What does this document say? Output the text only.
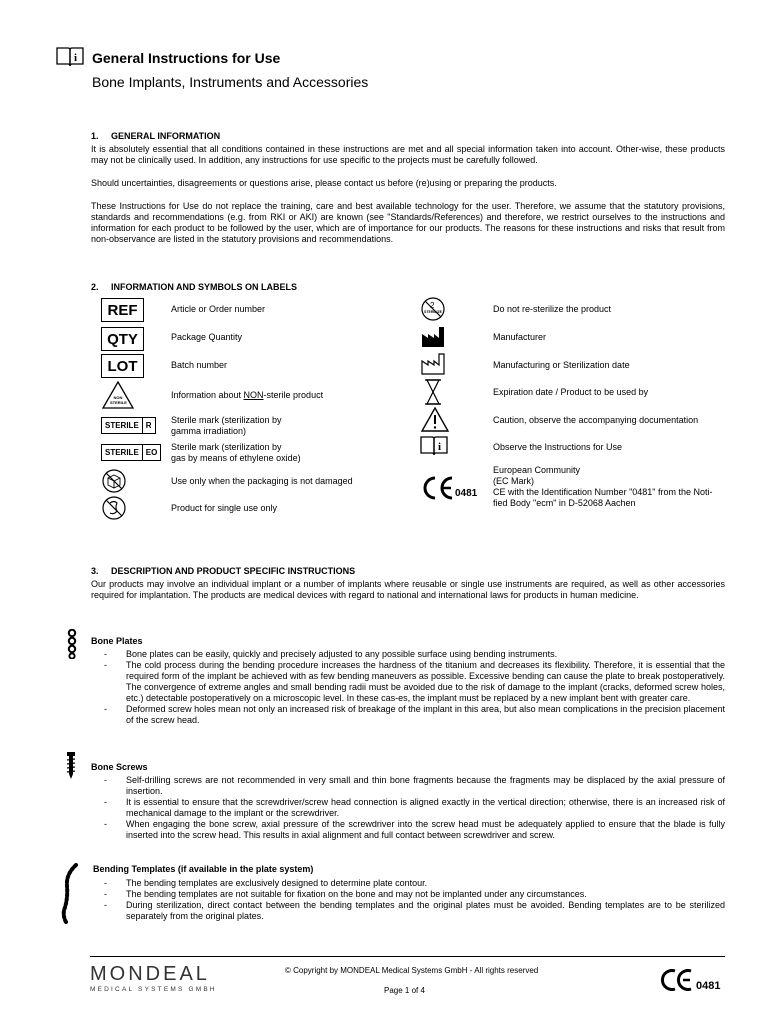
i General Instructions for Use
Bone Implants, Instruments and Accessories
1.     GENERAL INFORMATION
It is absolutely essential that all conditions contained in these instructions are met and all special information taken into account. Other-wise, these products may not be clinically used. In addition, any instructions for use specific to the projects must be carefully followed.
Should uncertainties, disagreements or questions arise, please contact us before (re)using or preparing the products.
These Instructions for Use do not replace the training, care and best available technology for the user. Therefore, we assume that the statutory provisions, standards and recommendations (e.g. from RKI or AKI) are known (see "Standards/References) and therefore, we restrict ourselves to the instructions and information for each product to be followed by the user, which are of importance for our products. The reasons for these instructions and risks that result from non-observance are listed in the statutory provisions and recommendations.
2.     INFORMATION AND SYMBOLS ON LABELS
REF	Article or Order number
QTY	Package Quantity
LOT	Batch number
NON STERILE
Information about NON-sterile product
STERILE R
Sterile mark (sterilization by
gamma irradiation)
STERILE EO
Sterile mark (sterilization by
gas by means of ethylene oxide)
Use only when the packaging is not damaged
Product for single use only
2
STERILIZE	Do not re-sterilize the product
Manufacturer
Manufacturing or Sterilization date
Expiration date / Product to be used by
Caution, observe the accompanying documentation
i	Observe the Instructions for Use
0481
European Community
(EC Mark)
CE with the Identification Number "0481" from the Noti-
fied Body "ecm" in D-52068 Aachen
3.     DESCRIPTION AND PRODUCT SPECIFIC INSTRUCTIONS
Our products may involve an individual implant or a number of implants where reusable or single use instruments are required, as well as other accessories required for implantation. The products are medical devices with regard to national and international laws for products in human medicine.
Bone Plates
- Bone plates can be easily, quickly and precisely adjusted to any possible surface using bending instruments.
- The cold process during the bending procedure increases the hardness of the titanium and decreases its flexibility. Therefore, it is essential that the required form of the implant be achieved with as few bending maneuvers as possible. Excessive bending can cause the plate to break postoperatively. The convergence of extreme angles and small bending radii must be avoided due to the risk of damage to the implant (cracks, deformed screw holes, etc.) detectable postoperatively on a microscopic level. In these cas-es, the implant must be replaced by a new implant bent with greater care.
- Deformed screw holes mean not only an increased risk of breakage of the implant in this area, but also mean complications in the precision placement of the screw head.
Bone Screws
- Self-drilling screws are not recommended in very small and thin bone fragments because the fragments may be displaced by the axial pressure of insertion.
- It is essential to ensure that the screwdriver/screw head connection is aligned exactly in the vertical direction; otherwise, there is an increased risk of mechanical damage to the implant or the screwdriver.
- When engaging the bone screw, axial pressure of the screwdriver into the screw head must be adequately applied to ensure that the blade is fully inserted into the screw head. This results in axial alignment and full contact between screwdriver and screw.
Bending Templates (if available in the plate system)
- The bending templates are exclusively designed to determine plate contour.
- The bending templates are not suitable for fixation on the bone and may not be implanted under any circumstances.
- During sterilization, direct contact between the bending templates and the original plates must be avoided. Bending templates are to be sterilized separately from the original plates.
MONDEAL
MEDICAL SYSTEMS GMBH
© Copyright by MONDEAL Medical Systems GmbH - All rights reserved
Page 1 of 4	0481
